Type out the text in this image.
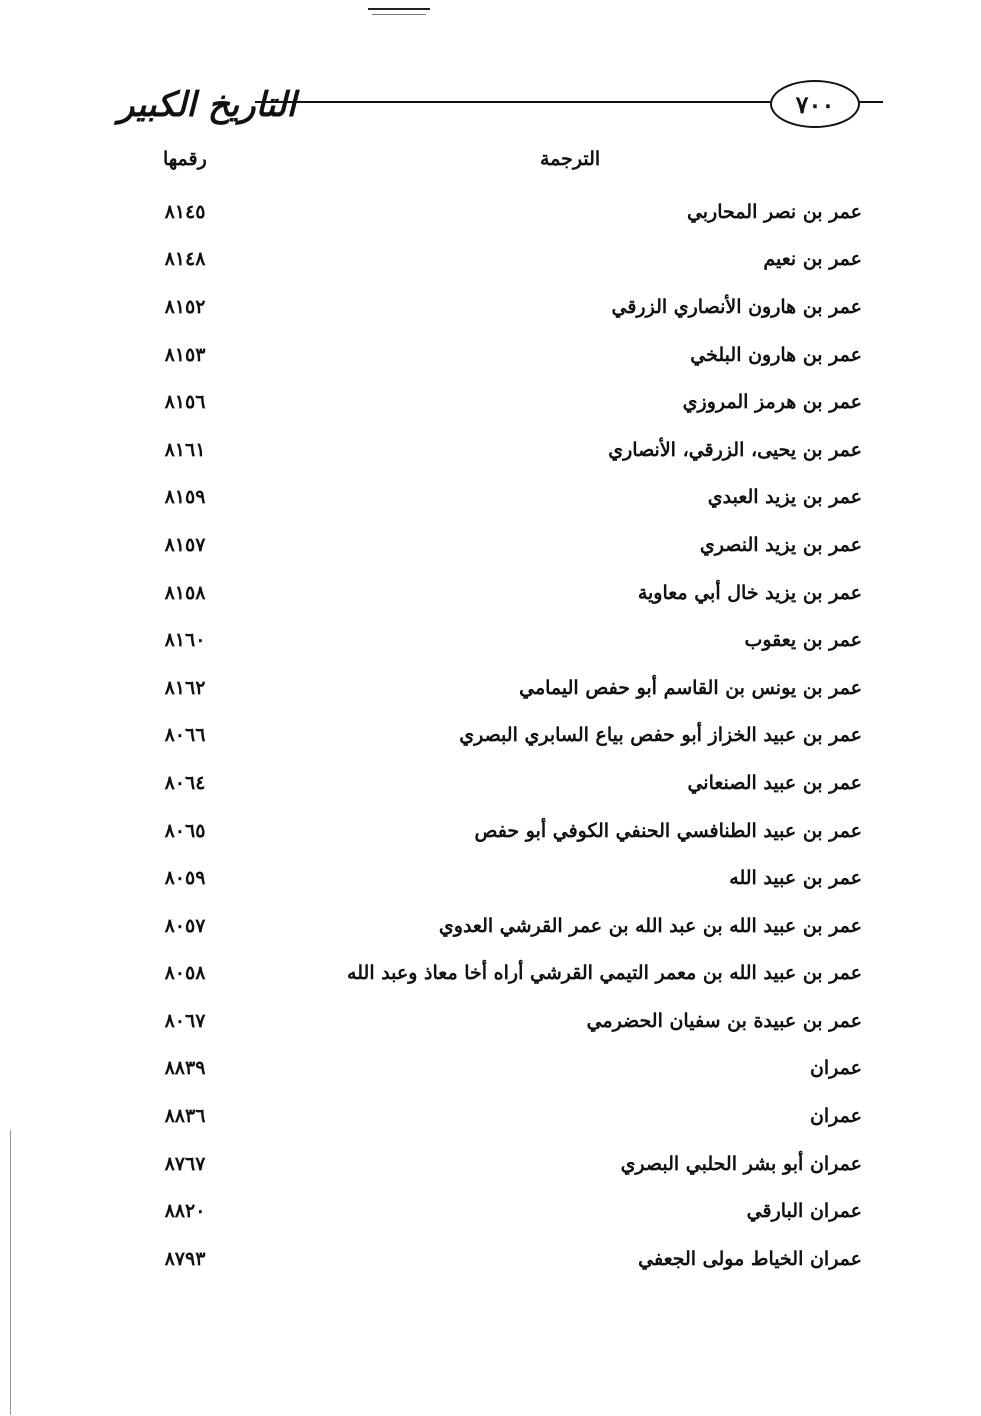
التاريخ الكبير	٧٠٠
الترجمة
رقمها
عمر بن نصر المحاربي
٨١٤٥
عمر بن نعيم
٨١٤٨
عمر بن هارون الأنصاري الزرقي
٨١٥٢
عمر بن هارون البلخي
٨١٥٣
عمر بن هرمز المروزي
٨١٥٦
عمر بن يحيى، الزرقي، الأنصاري
٨١٦١
عمر بن يزيد العبدي
٨١٥٩
عمر بن يزيد النصري
٨١٥٧
عمر بن يزيد خال أبي معاوية
٨١٥٨
عمر بن يعقوب
٨١٦٠
عمر بن يونس بن القاسم أبو حفص اليمامي
٨١٦٢
عمر بن عبيد الخزاز أبو حفص بياع السابري البصري
٨٠٦٦
عمر بن عبيد الصنعاني
٨٠٦٤
عمر بن عبيد الطنافسي الحنفي الكوفي أبو حفص
٨٠٦٥
عمر بن عبيد الله
٨٠٥٩
عمر بن عبيد الله بن عبد الله بن عمر القرشي العدوي
٨٠٥٧
عمر بن عبيد الله بن معمر التيمي القرشي أراه أخا معاذ وعبد الله
٨٠٥٨
عمر بن عبيدة بن سفيان الحضرمي
٨٠٦٧
عمران
٨٨٣٩
عمران
٨٨٣٦
عمران أبو بشر الحلبي البصري
٨٧٦٧
عمران البارقي
٨٨٢٠
عمران الخياط مولى الجعفي
٨٧٩٣
